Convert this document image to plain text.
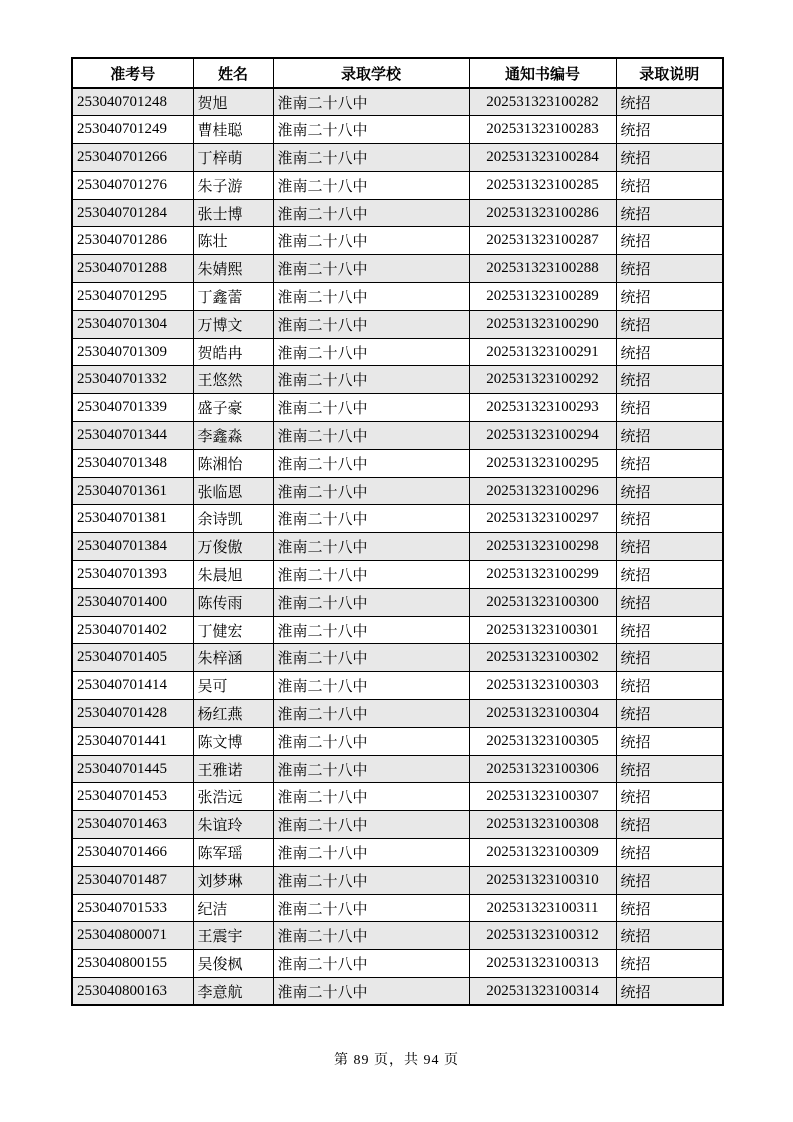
准考号	姓名	录取学校	通知书编号	录取说明
253040701248	贺旭	淮南二十八中	202531323100282	统招
253040701249	曹桂聪	淮南二十八中	202531323100283	统招
253040701266	丁梓萌	淮南二十八中	202531323100284	统招
253040701276	朱子游	淮南二十八中	202531323100285	统招
253040701284	张士博	淮南二十八中	202531323100286	统招
253040701286	陈壮	淮南二十八中	202531323100287	统招
253040701288	朱婧熙	淮南二十八中	202531323100288	统招
253040701295	丁鑫蕾	淮南二十八中	202531323100289	统招
253040701304	万博文	淮南二十八中	202531323100290	统招
253040701309	贺皓冉	淮南二十八中	202531323100291	统招
253040701332	王悠然	淮南二十八中	202531323100292	统招
253040701339	盛子豪	淮南二十八中	202531323100293	统招
253040701344	李鑫淼	淮南二十八中	202531323100294	统招
253040701348	陈湘怡	淮南二十八中	202531323100295	统招
253040701361	张临恩	淮南二十八中	202531323100296	统招
253040701381	余诗凯	淮南二十八中	202531323100297	统招
253040701384	万俊傲	淮南二十八中	202531323100298	统招
253040701393	朱晨旭	淮南二十八中	202531323100299	统招
253040701400	陈传雨	淮南二十八中	202531323100300	统招
253040701402	丁健宏	淮南二十八中	202531323100301	统招
253040701405	朱梓涵	淮南二十八中	202531323100302	统招
253040701414	吴可	淮南二十八中	202531323100303	统招
253040701428	杨红燕	淮南二十八中	202531323100304	统招
253040701441	陈文博	淮南二十八中	202531323100305	统招
253040701445	王雅诺	淮南二十八中	202531323100306	统招
253040701453	张浩远	淮南二十八中	202531323100307	统招
253040701463	朱谊玲	淮南二十八中	202531323100308	统招
253040701466	陈军瑶	淮南二十八中	202531323100309	统招
253040701487	刘梦琳	淮南二十八中	202531323100310	统招
253040701533	纪洁	淮南二十八中	202531323100311	统招
253040800071	王震宇	淮南二十八中	202531323100312	统招
253040800155	吴俊枫	淮南二十八中	202531323100313	统招
253040800163	李意航	淮南二十八中	202531323100314	统招
第 89 页，共 94 页
